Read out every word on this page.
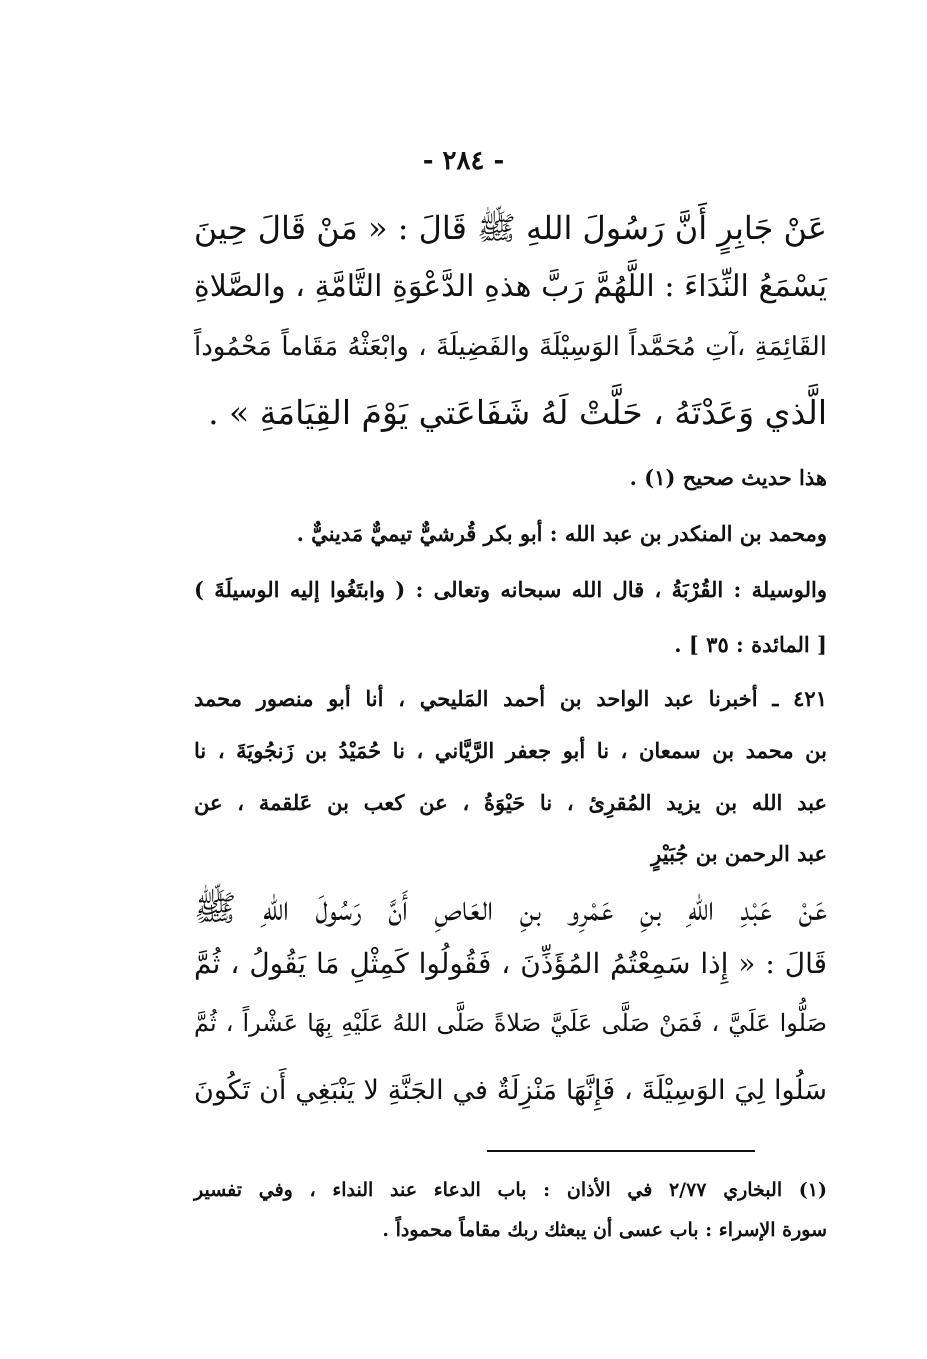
- ٢٨٤ -
عَنْ جَابِرٍ أَنَّ رَسُولَ اللهِ ﷺ قَالَ : « مَنْ قَالَ حِينَ
يَسْمَعُ النِّدَاءَ : اللَّهُمَّ رَبَّ هذهِ الدَّعْوَةِ التَّامَّةِ ، والصَّلاةِ
القَائِمَةِ ،آتِ مُحَمَّداً الوَسِيْلَةَ والفَضِيلَةَ ، وابْعَثْهُ مَقَاماً مَحْمُوداً
الَّذي وَعَدْتَهُ ، حَلَّتْ لَهُ شَفَاعَتي يَوْمَ القِيَامَةِ » .
هذا حديث صحيح (١) .
ومحمد بن المنكدر بن عبد الله : أبو بكر قُرشيٌّ تيميٌّ مَدينيٌّ .
والوسيلة : القُرْبَةُ ، قال الله سبحانه وتعالى : ( وابتَغُوا إليه الوسيلَةَ )
[ المائدة : ٣٥ ] .
٤٢١ ـ أخبرنا عبد الواحد بن أحمد المَليحي ، أنا أبو منصور محمد
بن محمد بن سمعان ، نا أبو جعفر الرَّيَّاني ، نا حُمَيْدُ بن زَنجُويَةَ ، نا
عبد الله بن يزيد المُقرِئ ، نا حَيْوَةُ ، عن كعب بن عَلقمة ، عن
عبد الرحمن بن جُبَيْرٍ
عَنْ عَبْدِ اللهِ بنِ عَمْرِو بنِ العَاصِ أَنَّ رَسُولَ اللهِ ﷺ
قَالَ : « إِذا سَمِعْتُمُ المُؤَذِّنَ ، فَقُولُوا كَمِثْلِ مَا يَقُولُ ، ثُمَّ
صَلُّوا عَلَيَّ ، فَمَنْ صَلَّى عَلَيَّ صَلاةً صَلَّى اللهُ عَلَيْهِ بِهَا عَشْراً ، ثُمَّ
سَلُوا لِيَ الوَسِيْلَةَ ، فَإِنَّهَا مَنْزِلَةٌ في الجَنَّةِ لا يَنْبَغِي أَن تَكُونَ
(١) البخاري ٢/٧٧ في الأذان : باب الدعاء عند النداء ، وفي تفسير
سورة الإسراء : باب عسى أن يبعثك ربك مقاماً محموداً .
